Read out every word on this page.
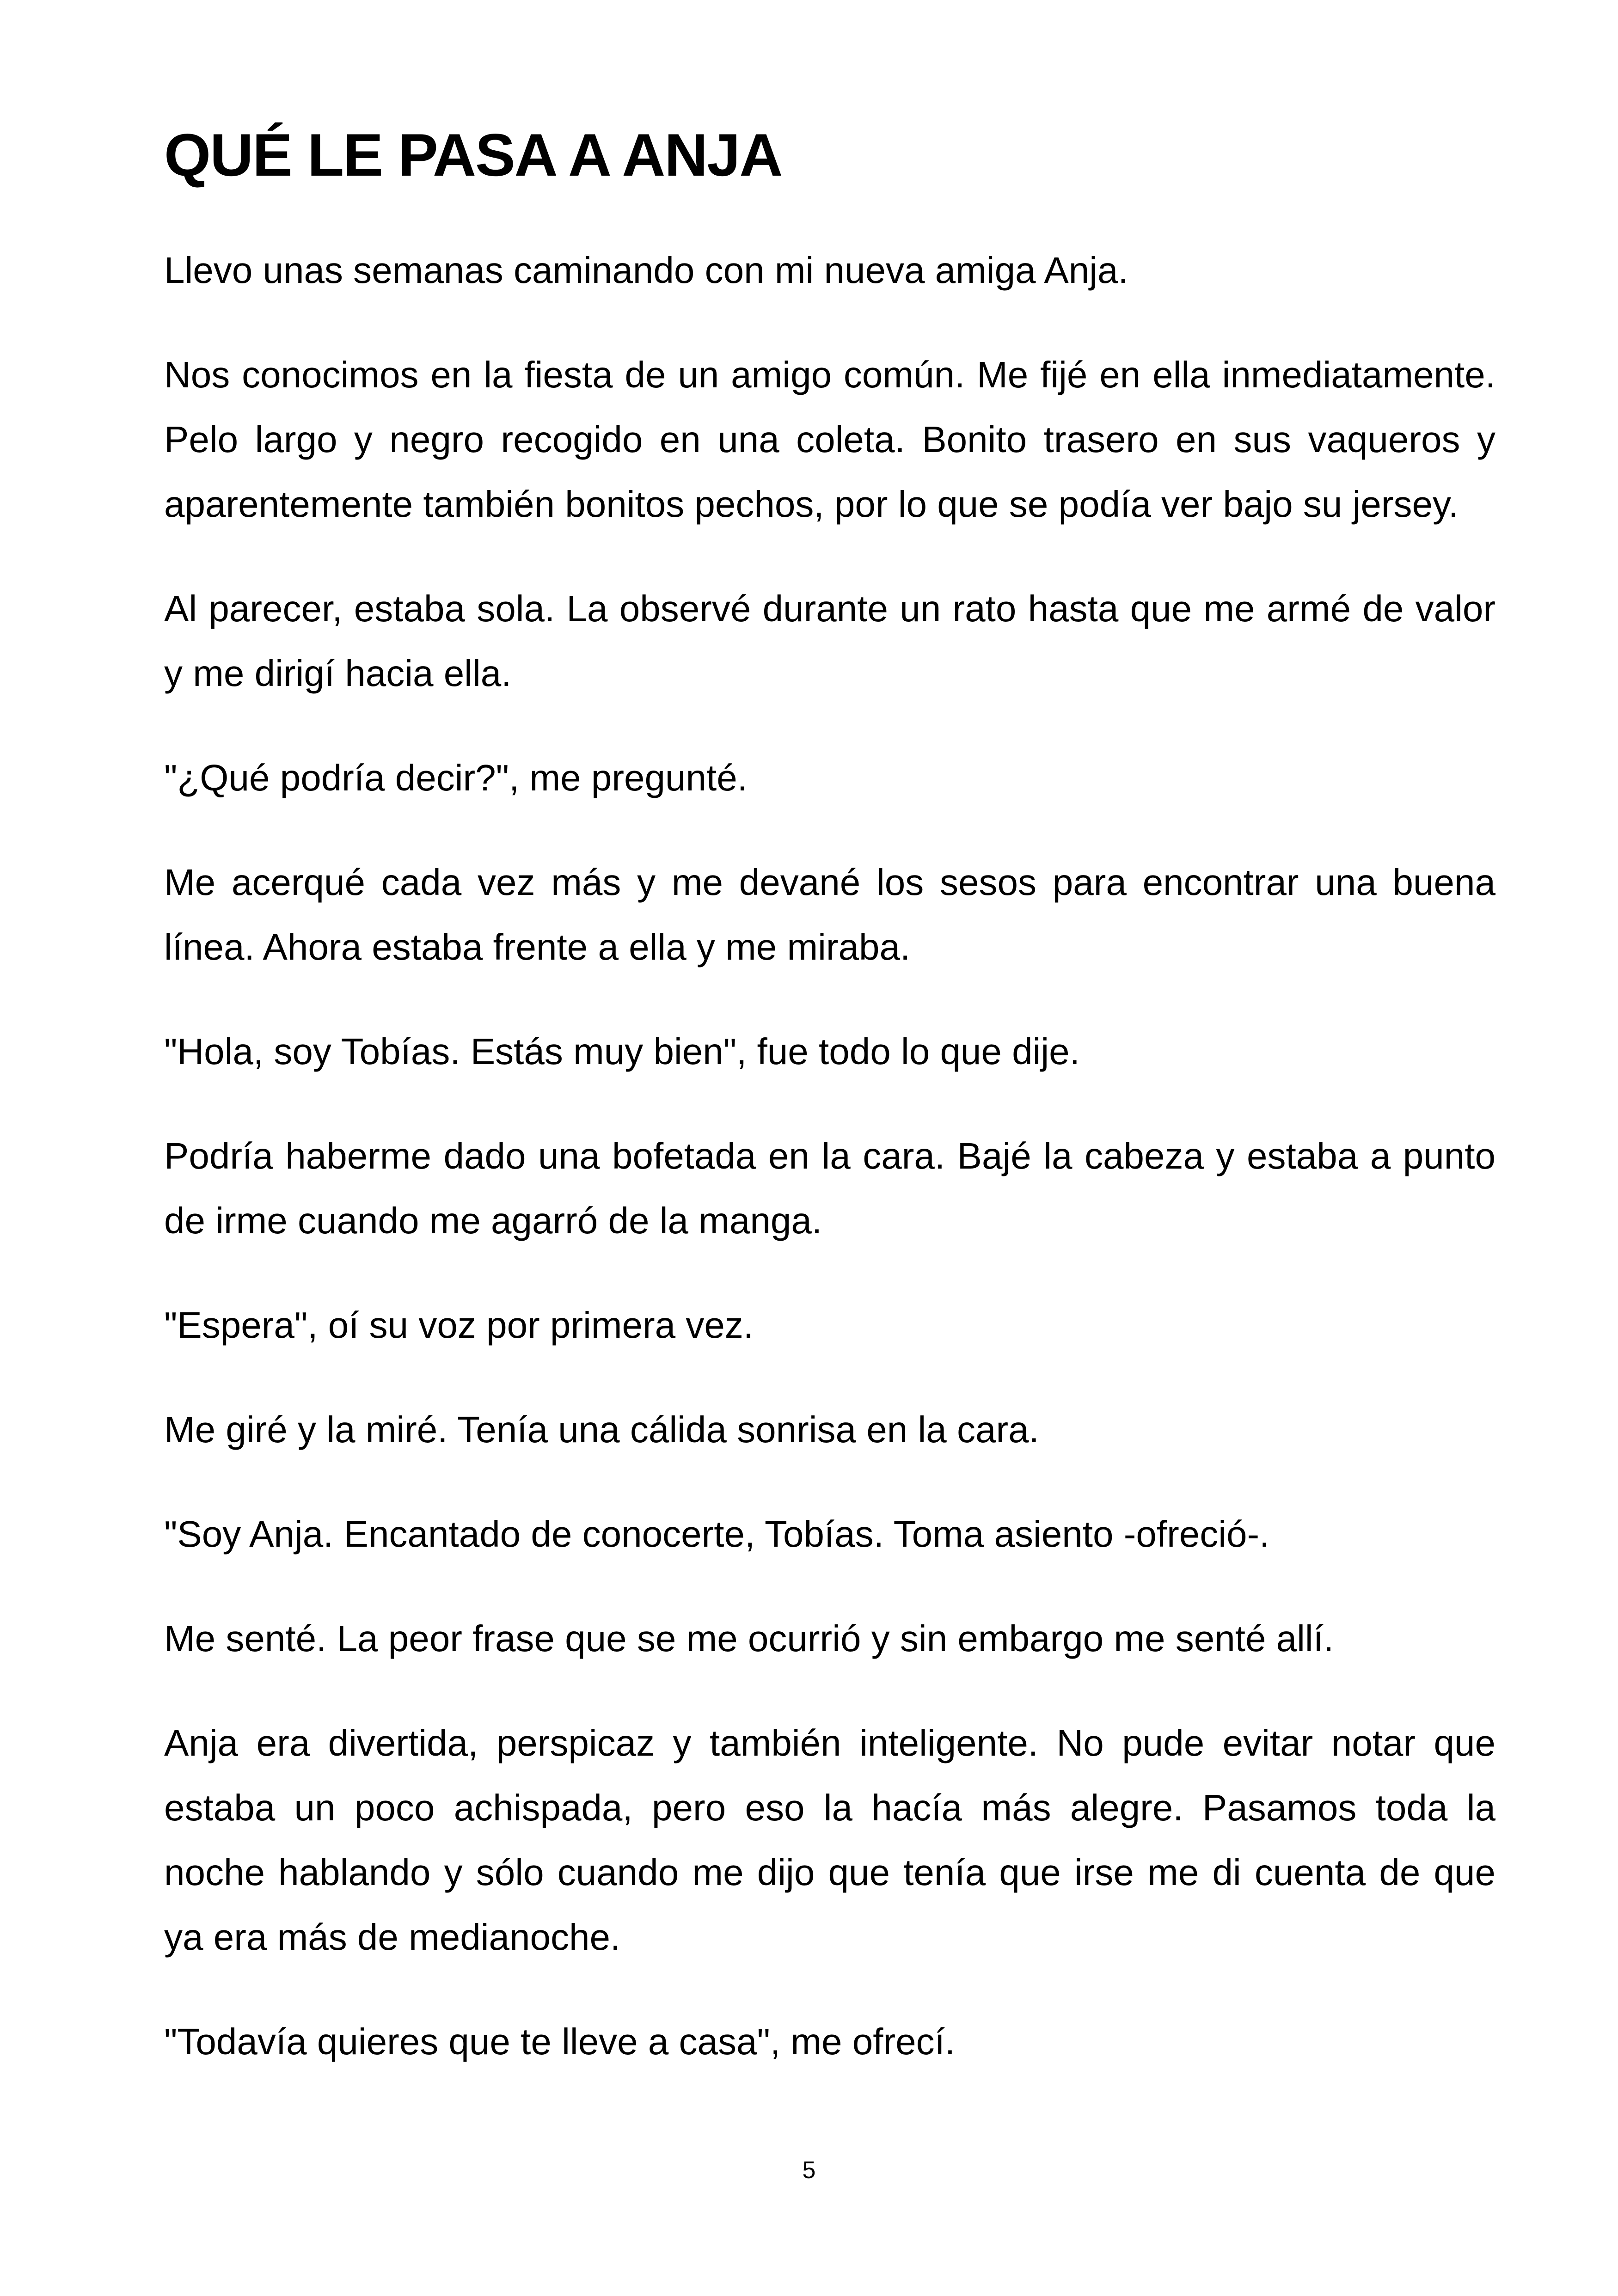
QUÉ LE PASA A ANJA

Llevo unas semanas caminando con mi nueva amiga Anja.

Nos conocimos en la fiesta de un amigo común. Me fijé en ella inmediatamente. Pelo largo y negro recogido en una coleta. Bonito trasero en sus vaqueros y aparentemente también bonitos pechos, por lo que se podía ver bajo su jersey.

Al parecer, estaba sola. La observé durante un rato hasta que me armé de valor y me dirigí hacia ella.

"¿Qué podría decir?", me pregunté.

Me acerqué cada vez más y me devané los sesos para encontrar una buena línea. Ahora estaba frente a ella y me miraba.

"Hola, soy Tobías. Estás muy bien", fue todo lo que dije.

Podría haberme dado una bofetada en la cara. Bajé la cabeza y estaba a punto de irme cuando me agarró de la manga.

"Espera", oí su voz por primera vez.

Me giré y la miré. Tenía una cálida sonrisa en la cara.

"Soy Anja. Encantado de conocerte, Tobías. Toma asiento -ofreció-.

Me senté. La peor frase que se me ocurrió y sin embargo me senté allí.

Anja era divertida, perspicaz y también inteligente. No pude evitar notar que estaba un poco achispada, pero eso la hacía más alegre. Pasamos toda la noche hablando y sólo cuando me dijo que tenía que irse me di cuenta de que ya era más de medianoche.

"Todavía quieres que te lleve a casa", me ofrecí.

5
